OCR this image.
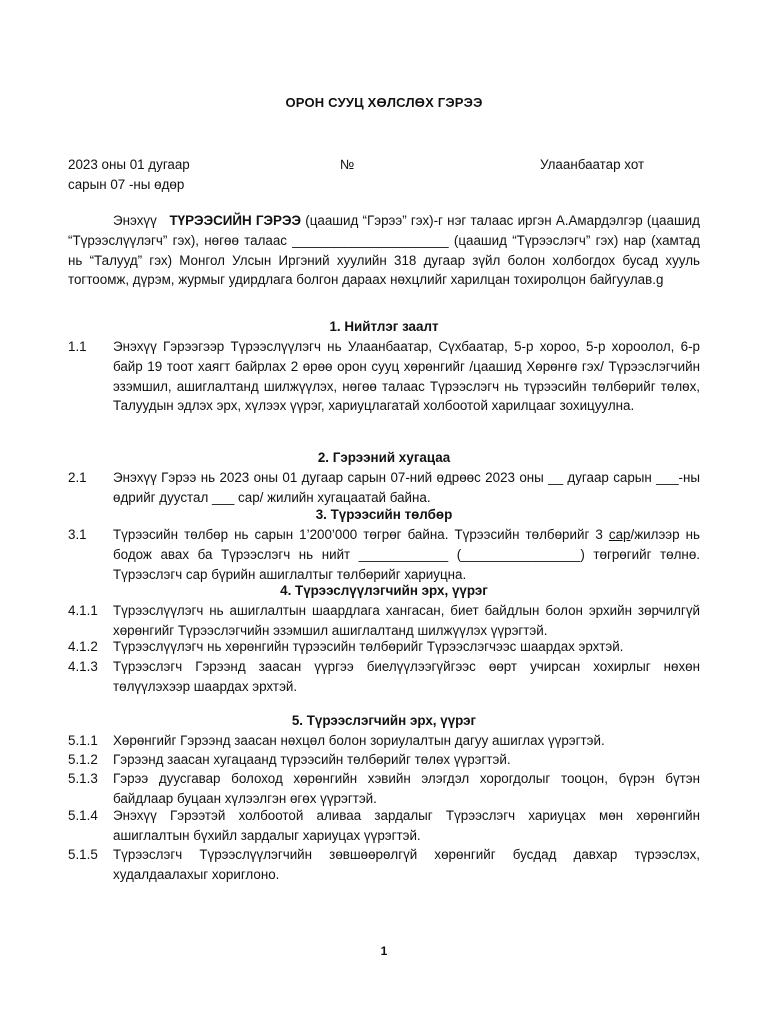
ОРОН СУУЦ ХӨЛСЛӨХ ГЭРЭЭ
2023 оны 01 дугаар
сарын 07 -ны өдөр
№	Улаанбаатар хот
Энэхүү ТҮРЭЭСИЙН ГЭРЭЭ (цаашид “Гэрээ” гэх)-г нэг талаас иргэн А.Амардэлгэр (цаашид “Түрээслүүлэгч” гэх), нөгөө талаас _____________________ (цаашид “Түрээслэгч” гэх) нар (хамтад нь “Талууд” гэх) Монгол Улсын Иргэний хуулийн 318 дугаар зүйл болон холбогдох бусад хууль тогтоомж, дүрэм, журмыг удирдлага болгон дараах нөхцлийг харилцан тохиролцон байгуулав.g
1. Нийтлэг заалт
1.1 Энэхүү Гэрээгээр Түрээслүүлэгч нь Улаанбаатар, Сүхбаатар, 5-р хороо, 5-р хороолол, 6-р байр 19 тоот хаягт байрлах 2 өрөө орон сууц хөрөнгийг /цаашид Хөрөнгө гэх/ Түрээслэгчийн эзэмшил, ашиглалтанд шилжүүлэх, нөгөө талаас Түрээслэгч нь түрээсийн төлбөрийг төлөх, Талуудын эдлэх эрх, хүлээх үүрэг, хариуцлагатай холбоотой харилцааг зохицуулна.
2. Гэрээний хугацаа
2.1 Энэхүү Гэрээ нь 2023 оны 01 дугаар сарын 07-ний өдрөөс 2023 оны __ дугаар сарын ___-ны өдрийг дуустал ___ сар/ жилийн хугацаатай байна.
3. Түрээсийн төлбөр
3.1 Түрээсийн төлбөр нь сарын 1’200’000 төгрөг байна. Түрээсийн төлбөрийг 3 сар/жилээр нь бодож авах ба Түрээслэгч нь нийт ____________ (________________) төгрөгийг төлнө. Түрээслэгч сар бүрийн ашиглалтыг төлбөрийг хариуцна.
4. Түрээслүүлэгчийн эрх, үүрэг
4.1.1 Түрээслүүлэгч нь ашиглалтын шаардлага хангасан, биет байдлын болон эрхийн зөрчилгүй хөрөнгийг Түрээслэгчийн эзэмшил ашиглалтанд шилжүүлэх үүрэгтэй.
4.1.2 Түрээслүүлэгч нь хөрөнгийн түрээсийн төлбөрийг Түрээслэгчээс шаардах эрхтэй.
4.1.3 Түрээслэгч Гэрээнд заасан үүргээ биелүүлээгүйгээс өөрт учирсан хохирлыг нөхөн төлүүлэхээр шаардах эрхтэй.
5. Түрээслэгчийн эрх, үүрэг
5.1.1 Хөрөнгийг Гэрээнд заасан нөхцөл болон зориулалтын дагуу ашиглах үүрэгтэй.
5.1.2 Гэрээнд заасан хугацаанд түрээсийн төлбөрийг төлөх үүрэгтэй.
5.1.3 Гэрээ дуусгавар болоход хөрөнгийн хэвийн элэгдэл хорогдолыг тооцон, бүрэн бүтэн байдлаар буцаан хүлээлгэн өгөх үүрэгтэй.
5.1.4 Энэхүү Гэрээтэй холбоотой аливаа зардалыг Түрээслэгч хариуцах мөн хөрөнгийн ашиглалтын бүхийл зардалыг хариуцах үүрэгтэй.
5.1.5 Түрээслэгч Түрээслүүлэгчийн зөвшөөрөлгүй хөрөнгийг бусдад давхар түрээслэх, худалдаалахыг хориглоно.
1
